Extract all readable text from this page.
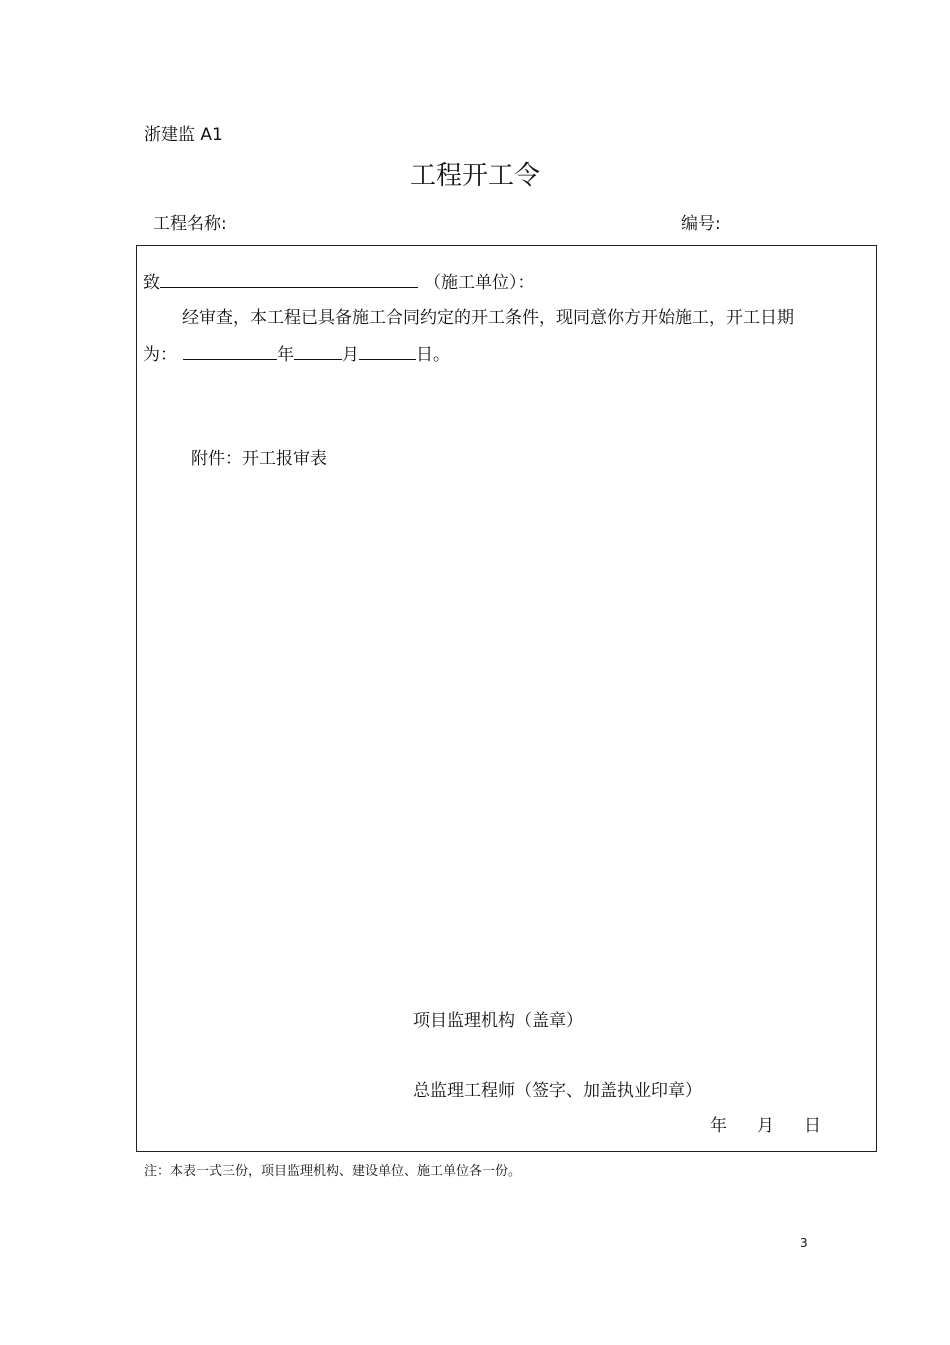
浙建监 A1
工程开工令
工程名称:	编号:
致	（施工单位）：
经审查，本工程已具备施工合同约定的开工条件，现同意你方开始施工，开工日期
为：	年	月	日。
附件：开工报审表
项目监理机构（盖章）
总监理工程师（签字、加盖执业印章）
年 月 日
注：本表一式三份，项目监理机构、建设单位、施工单位各一份。
3
